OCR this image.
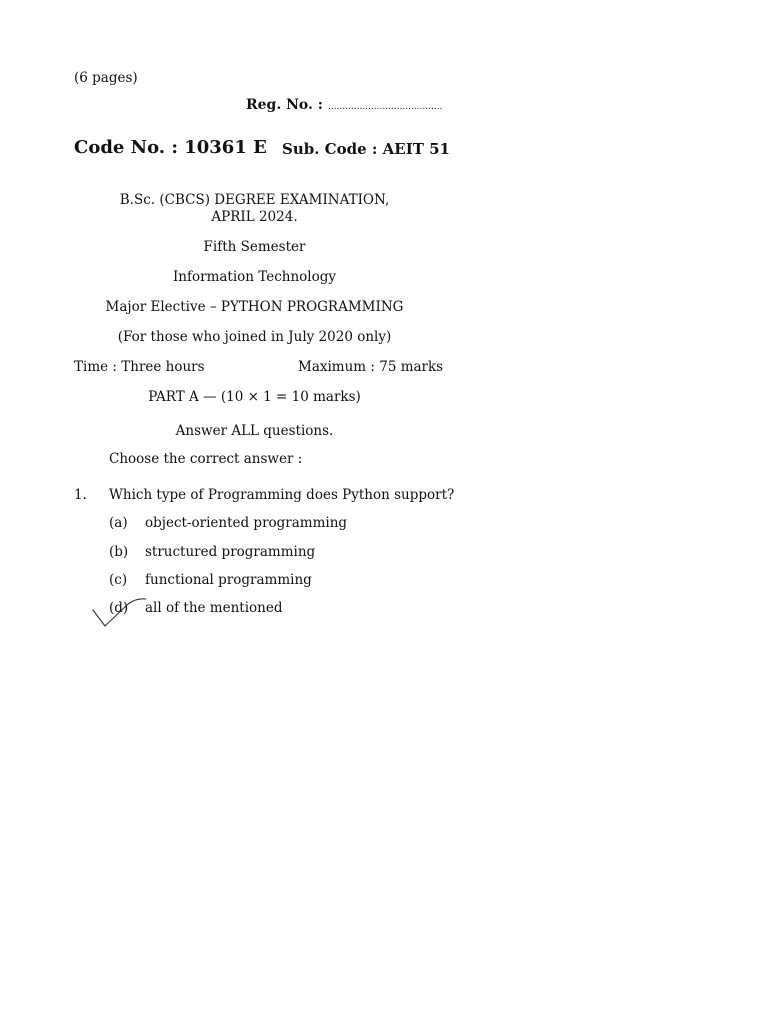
(6 pages)
Reg. No. : ........................................
Code No. : 10361 E Sub. Code : AEIT 51
B.Sc. (CBCS) DEGREE EXAMINATION,
APRIL 2024.
Fifth Semester
Information Technology
Major Elective – PYTHON PROGRAMMING
(For those who joined in July 2020 only)
Time : Three hours	Maximum : 75 marks
PART A — (10 × 1 = 10 marks)
Answer ALL questions.
Choose the correct answer :
1. Which type of Programming does Python support?
(a) object-oriented programming
(b) structured programming
(c) functional programming
(d) all of the mentioned
